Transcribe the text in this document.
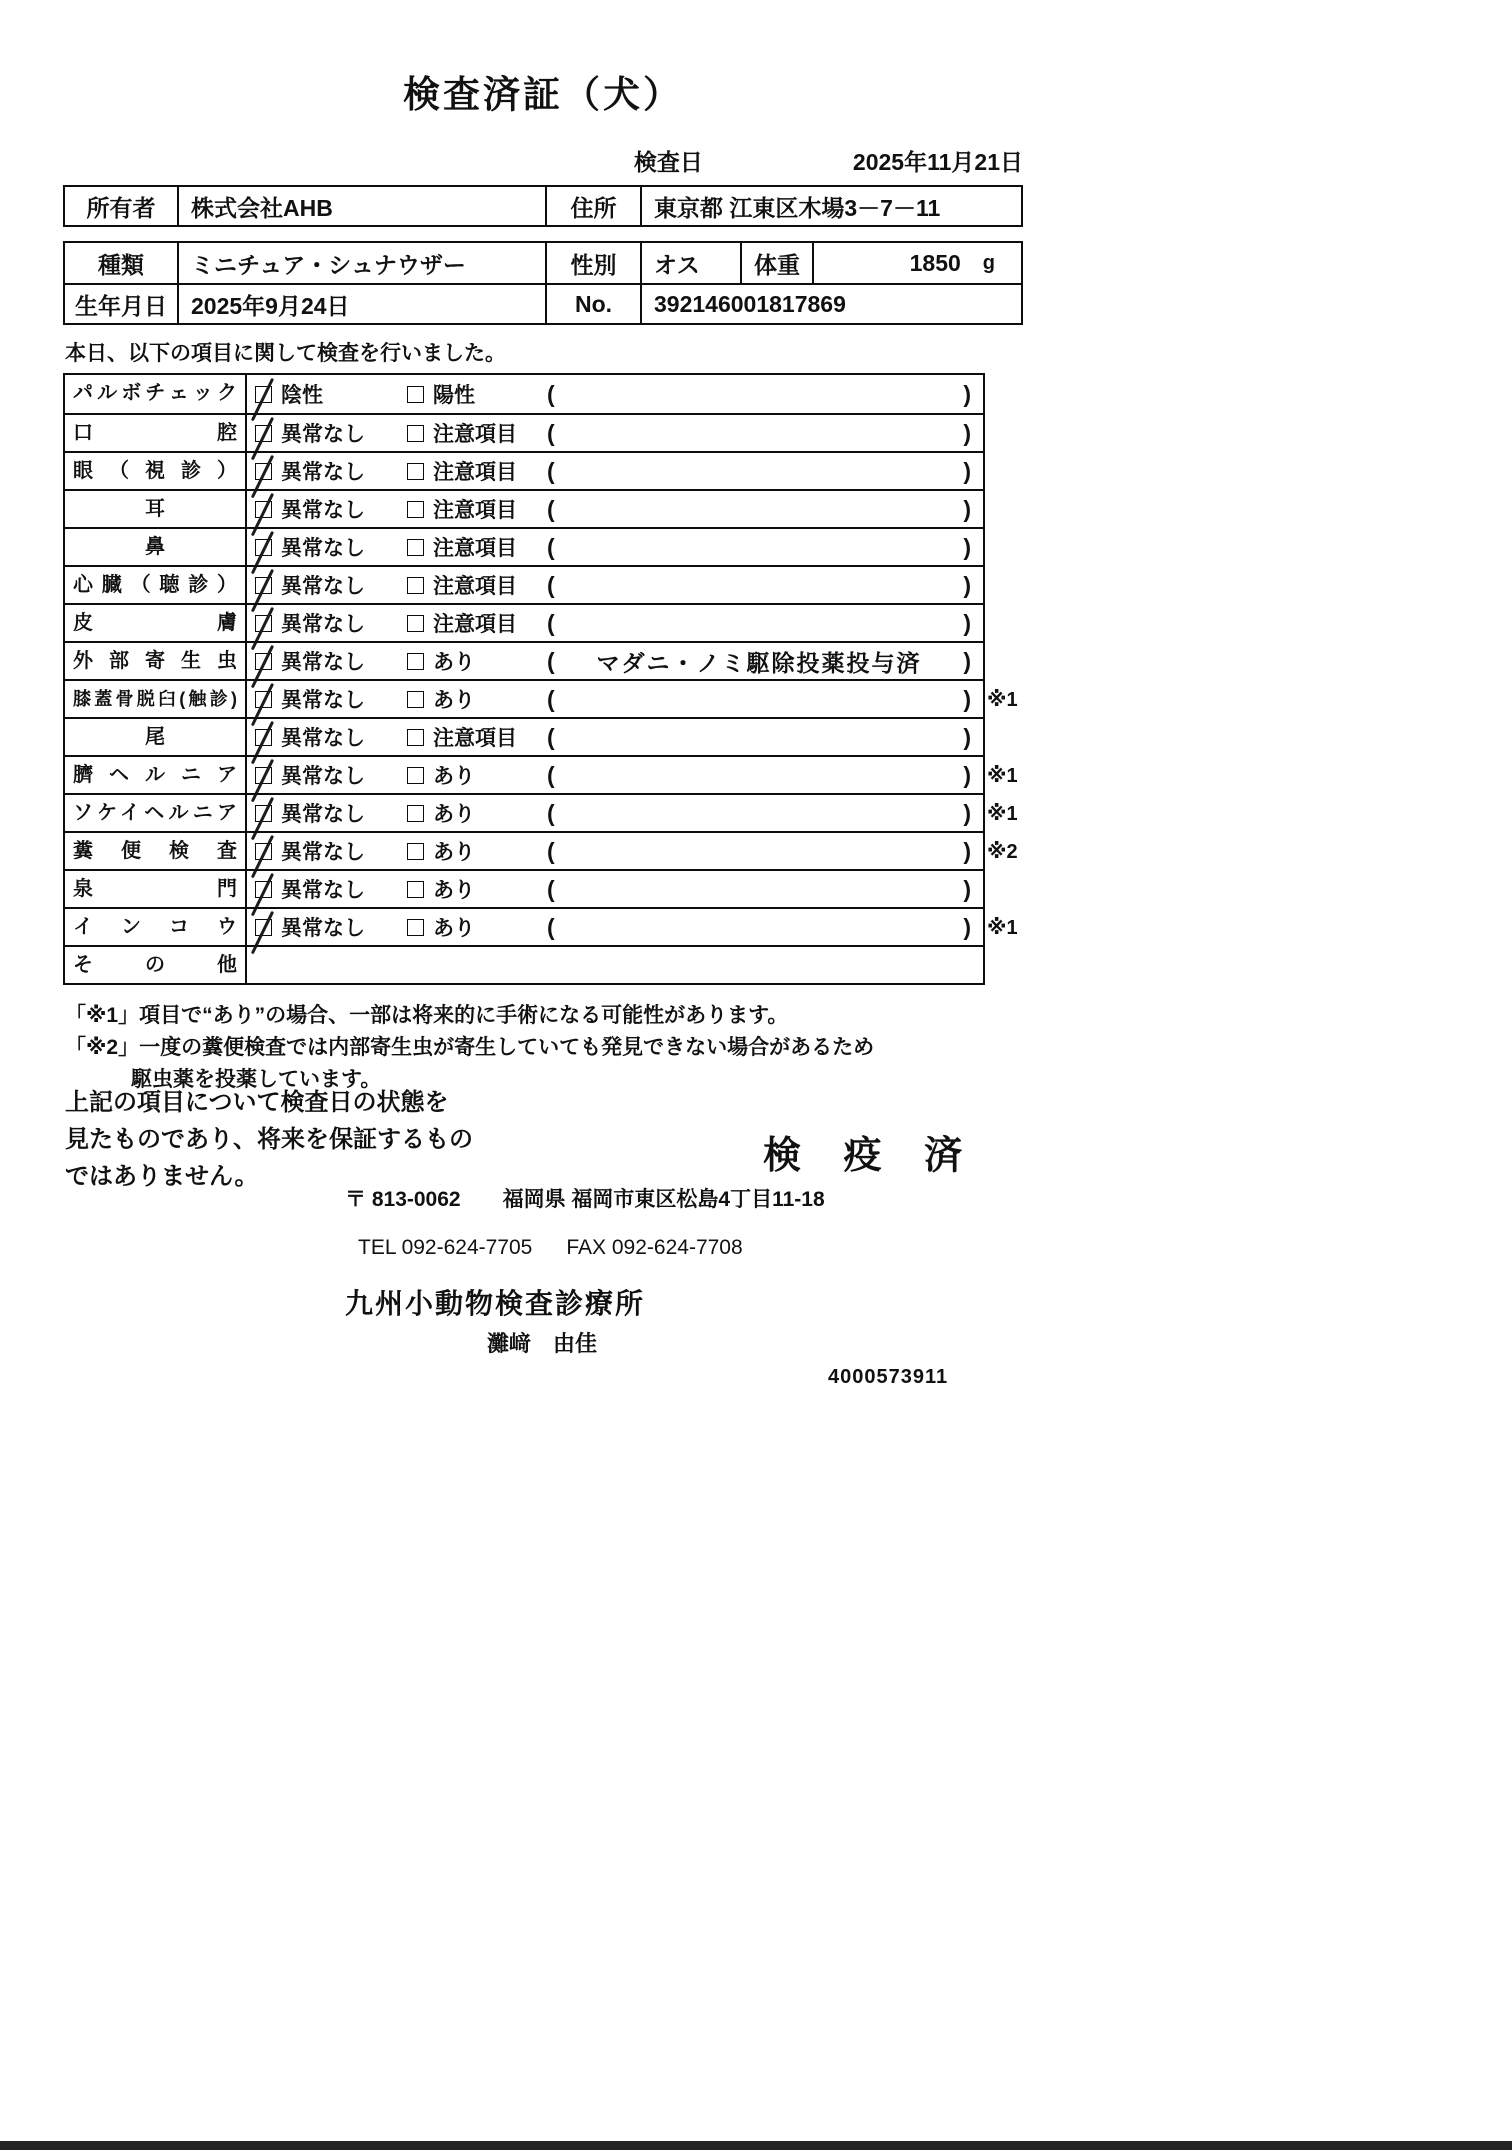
検査済証（犬）
検査日	2025年11月21日
所有者	株式会社AHB	住所	東京都 江東区木場3－7－11
種類	ミニチュア・シュナウザー	性別	オス	体重	1850 g
生年月日	2025年9月24日	No.	392146001817869
本日、以下の項目に関して検査を行いました。
パルボチェック	陰性	陽性	(	)
口腔	異常なし	注意項目 (	)
眼（視診）	異常なし	注意項目 (	)
耳	異常なし	注意項目 (	)
鼻	異常なし	注意項目 (	)
心臓（聴診）	異常なし	注意項目 (	)
皮膚	異常なし	注意項目 (	)
外部寄生虫	異常なし	あり	(	マダニ・ノミ駆除投薬投与済	)
膝蓋骨脱臼(触診)	異常なし	あり	(	) ※1
尾	異常なし	注意項目 (	)
臍ヘルニア	異常なし	あり	(	) ※1
ソケイヘルニア	異常なし	あり	(	) ※1
糞便検査	異常なし	あり	(	) ※2
泉門	異常なし	あり	(	)
インコウ	異常なし	あり	(	) ※1
その他
「※1」項目で“あり”の場合、一部は将来的に手術になる可能性があります。
「※2」一度の糞便検査では内部寄生虫が寄生していても発見できない場合があるため
駆虫薬を投薬しています。
上記の項目について検査日の状態を
見たものであり、将来を保証するもの
ではありません。	検 疫 済
〒 813-0062 福岡県 福岡市東区松島4丁目11-18
TEL 092-624-7705 FAX 092-624-7708
九州小動物検査診療所
灘﨑　由佳
4000573911
